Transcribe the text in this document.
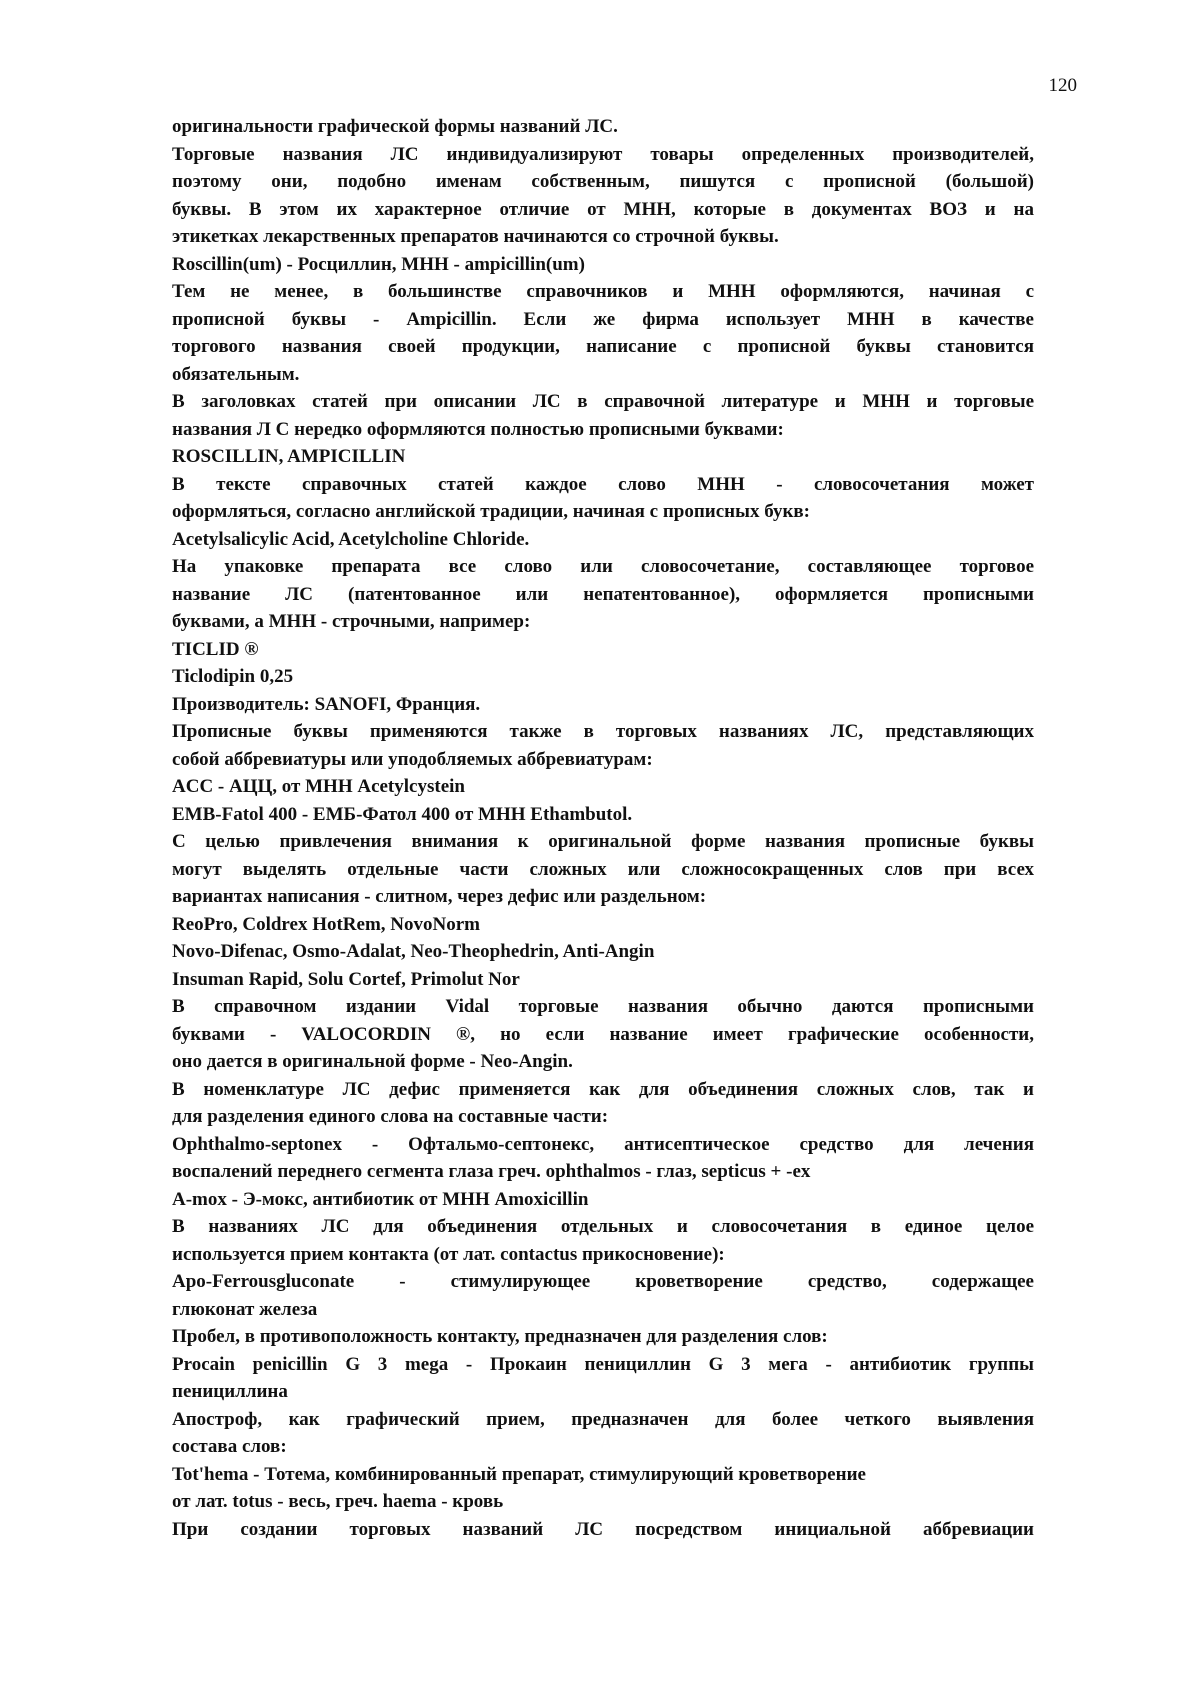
120
оригинальности графической формы названий ЛС.
Торговые названия ЛС индивидуализируют товары определенных производителей,
поэтому они, подобно именам собственным, пишутся с прописной (большой)
буквы. В этом их характерное отличие от МНН, которые в документах ВОЗ и на
этикетках лекарственных препаратов начинаются со строчной буквы.
Roscillin(um) - Росциллин, МНН - ampicillin(um)
Тем не менее, в большинстве справочников и МНН оформляются, начиная с
прописной буквы - Ampicillin. Если же фирма использует МНН в качестве
торгового названия своей продукции, написание с прописной буквы становится
обязательным.
В заголовках статей при описании ЛС в справочной литературе и МНН и торговые
названия Л С нередко оформляются полностью прописными буквами:
ROSCILLIN, AMPICILLIN
В тексте справочных статей каждое слово МНН - словосочетания может
оформляться, согласно английской традиции, начиная с прописных букв:
Acetylsalicylic Acid, Acetylcholine Chloride.
На упаковке препарата все слово или словосочетание, составляющее торговое
название ЛС (патентованное или непатентованное), оформляется прописными
буквами, а МНН - строчными, например:
TICLID ®
Ticlodipin 0,25
Производитель: SANOFI, Франция.
Прописные буквы применяются также в торговых названиях ЛС, представляющих
собой аббревиатуры или уподобляемых аббревиатурам:
ACC - АЦЦ, от МНН Acetylcystein
EMB-Fatol 400 - ЕМБ-Фатол 400 от МНН Ethambutol.
С целью привлечения внимания к оригинальной форме названия прописные буквы
могут выделять отдельные части сложных или сложносокращенных слов при всех
вариантах написания - слитном, через дефис или раздельном:
ReoPro, Coldrex HotRem, NovoNorm
Novo-Difenac, Osmo-Adalat, Neo-Theophedrin, Anti-Angin
Insuman Rapid, Solu Cortef, Primolut Nor
В справочном издании Vidal торговые названия обычно даются прописными
буквами - VALOCORDIN ®, но если название имеет графические особенности,
оно дается в оригинальной форме - Neo-Angin.
В номенклатуре ЛС дефис применяется как для объединения сложных слов, так и
для разделения единого слова на составные части:
Ophthalmo-septonex - Офтальмо-септонекс, антисептическое средство для лечения
воспалений переднего сегмента глаза греч. ophthalmos - глаз, septicus + -ex
A-mox - Э-мокс, антибиотик от МНН Amoxicillin
В названиях ЛС для объединения отдельных и словосочетания в единое целое
используется прием контакта (от лат. contactus прикосновение):
Apo-Ferrousgluconate - стимулирующее кроветворение средство, содержащее
глюконат железа
Пробел, в противоположность контакту, предназначен для разделения слов:
Procain penicillin G 3 mega - Прокаин пенициллин G 3 мега - антибиотик группы
пенициллина
Апостроф, как графический прием, предназначен для более четкого выявления
состава слов:
Tot'hema - Тотема, комбинированный препарат, стимулирующий кроветворение
от лат. totus - весь, греч. haema - кровь
При создании торговых названий ЛС посредством инициальной аббревиации
